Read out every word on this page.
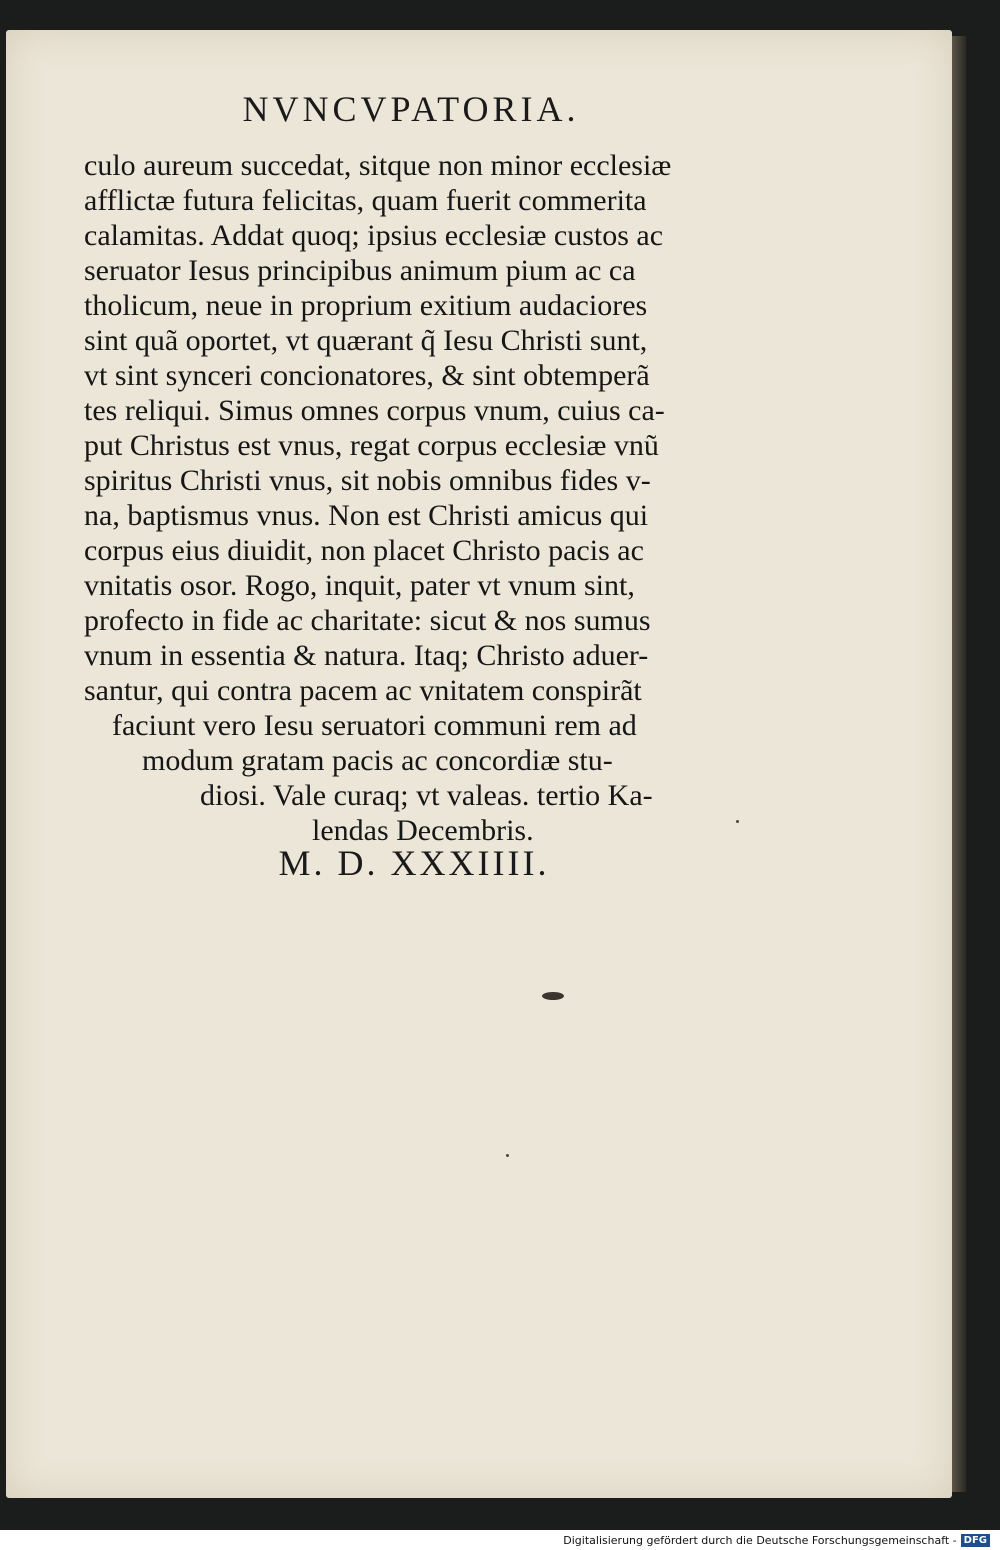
NVNCVPATORIA.
culo aureum succedat, sitque non minor ecclesiæ
afflictæ futura felicitas, quam fuerit commerita
calamitas. Addat quoq; ipsius ecclesiæ custos ac
seruator Iesus principibus animum pium ac ca
tholicum, neue in proprium exitium audaciores
sint quã oportet, vt quærant q̃ Iesu Christi sunt,
vt sint synceri concionatores, & sint obtemperã
tes reliqui. Simus omnes corpus vnum, cuius ca-
put Christus est vnus, regat corpus ecclesiæ vnũ
spiritus Christi vnus, sit nobis omnibus fides v-
na, baptismus vnus. Non est Christi amicus qui
corpus eius diuidit, non placet Christo pacis ac
vnitatis osor. Rogo, inquit, pater vt vnum sint,
profecto in fide ac charitate: sicut & nos sumus
vnum in essentia & natura. Itaq; Christo aduer-
santur, qui contra pacem ac vnitatem conspirãt
faciunt vero Iesu seruatori communi rem ad
modum gratam pacis ac concordiæ stu-
diosi. Vale curaq; vt valeas. tertio Ka-
lendas Decembris.
M. D. XXXIIII.
Digitalisierung gefördert durch die Deutsche Forschungsgemeinschaft - DFG
